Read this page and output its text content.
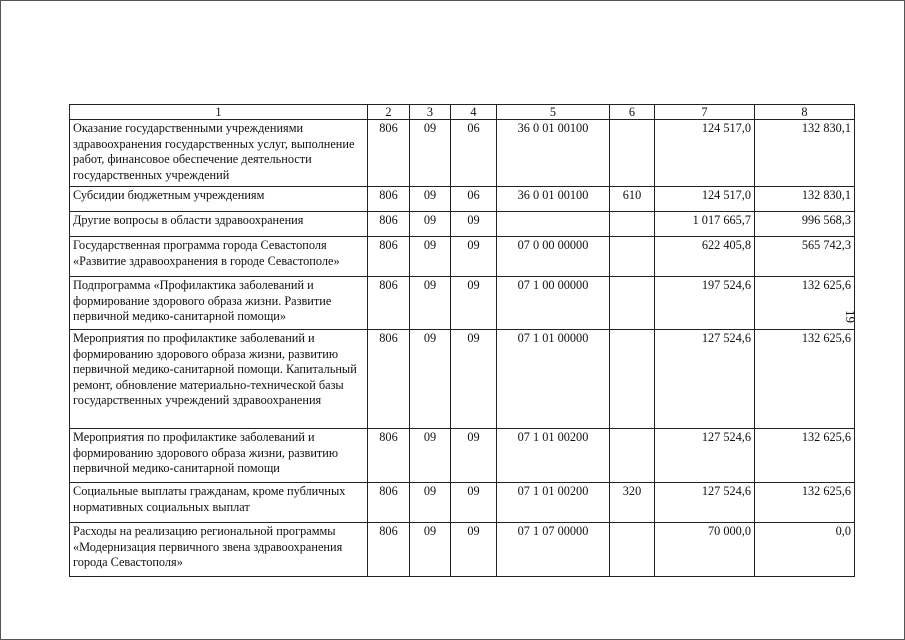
19
1	2	3	4	5	6	7	8
Оказание государственными учреждениями здравоохранения государственных услуг, выполнение работ, финансовое обеспечение деятельности государственных учреждений	806	09	06	36 0 01 00100		124 517,0	132 830,1
Субсидии бюджетным учреждениям	806	09	06	36 0 01 00100	610	124 517,0	132 830,1
Другие вопросы в области здравоохранения	806	09	09			1 017 665,7	996 568,3
Государственная программа города Севастополя «Развитие здравоохранения в городе Севастополе»	806	09	09	07 0 00 00000		622 405,8	565 742,3
Подпрограмма «Профилактика заболеваний и формирование здорового образа жизни. Развитие первичной медико-санитарной помощи»	806	09	09	07 1 00 00000		197 524,6	132 625,6
Мероприятия по профилактике заболеваний и формированию здорового образа жизни, развитию первичной медико-санитарной помощи. Капитальный ремонт, обновление материально-технической базы государственных учреждений здравоохранения	806	09	09	07 1 01 00000		127 524,6	132 625,6
Мероприятия по профилактике заболеваний и формированию здорового образа жизни, развитию первичной медико-санитарной помощи	806	09	09	07 1 01 00200		127 524,6	132 625,6
Социальные выплаты гражданам, кроме публичных нормативных социальных выплат	806	09	09	07 1 01 00200	320	127 524,6	132 625,6
Расходы на реализацию региональной программы «Модернизация первичного звена здравоохранения города Севастополя»	806	09	09	07 1 07 00000		70 000,0	0,0
